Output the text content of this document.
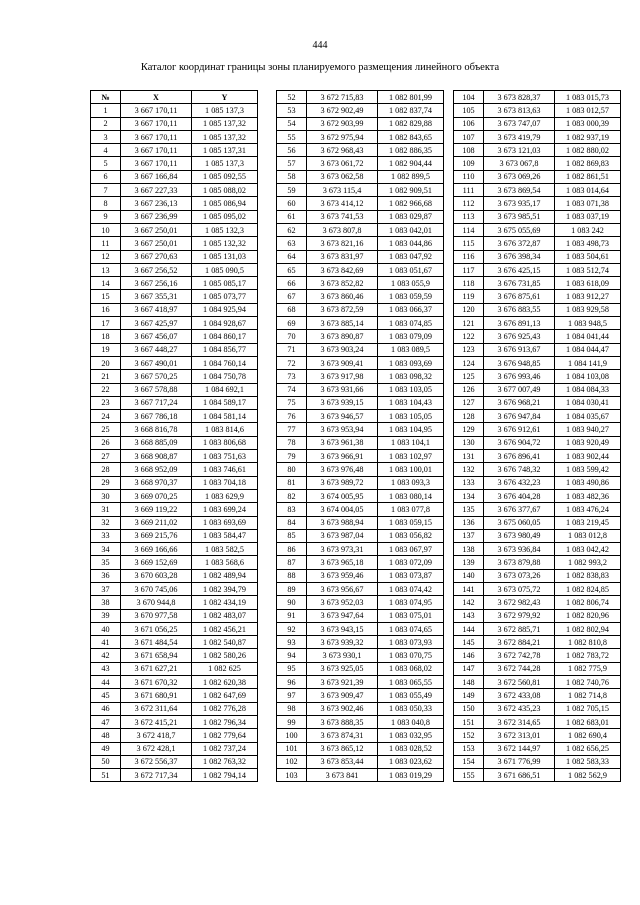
444
Каталог координат границы зоны планируемого размещения линейного объекта
№	X	Y
1	3 667 170,11	1 085 137,3
2	3 667 170,11	1 085 137,32
3	3 667 170,11	1 085 137,32
4	3 667 170,11	1 085 137,31
5	3 667 170,11	1 085 137,3
6	3 667 166,84	1 085 092,55
7	3 667 227,33	1 085 088,02
8	3 667 236,13	1 085 086,94
9	3 667 236,99	1 085 095,02
10	3 667 250,01	1 085 132,3
11	3 667 250,01	1 085 132,32
12	3 667 270,63	1 085 131,03
13	3 667 256,52	1 085 090,5
14	3 667 256,16	1 085 085,17
15	3 667 355,31	1 085 073,77
16	3 667 418,97	1 084 925,94
17	3 667 425,97	1 084 928,67
18	3 667 456,07	1 084 860,17
19	3 667 448,27	1 084 856,77
20	3 667 490,01	1 084 760,14
21	3 667 570,25	1 084 750,78
22	3 667 578,88	1 084 692,1
23	3 667 717,24	1 084 589,17
24	3 667 786,18	1 084 581,14
25	3 668 816,78	1 083 814,6
26	3 668 885,09	1 083 806,68
27	3 668 908,87	1 083 751,63
28	3 668 952,09	1 083 746,61
29	3 668 970,37	1 083 704,18
30	3 669 070,25	1 083 629,9
31	3 669 119,22	1 083 699,24
32	3 669 211,02	1 083 693,69
33	3 669 215,76	1 083 584,47
34	3 669 166,66	1 083 582,5
35	3 669 152,69	1 083 568,6
36	3 670 603,28	1 082 489,94
37	3 670 745,06	1 082 394,79
38	3 670 944,8	1 082 434,19
39	3 670 977,58	1 082 483,07
40	3 671 056,25	1 082 456,21
41	3 671 484,54	1 082 540,87
42	3 671 658,94	1 082 580,26
43	3 671 627,21	1 082 625
44	3 671 670,32	1 082 620,38
45	3 671 680,91	1 082 647,69
46	3 672 311,64	1 082 776,28
47	3 672 415,21	1 082 796,34
48	3 672 418,7	1 082 779,64
49	3 672 428,1	1 082 737,24
50	3 672 556,37	1 082 763,32
51	3 672 717,34	1 082 794,14
52	3 672 715,83	1 082 801,99
53	3 672 902,49	1 082 837,74
54	3 672 903,99	1 082 829,88
55	3 672 975,94	1 082 843,65
56	3 672 968,43	1 082 886,35
57	3 673 061,72	1 082 904,44
58	3 673 062,58	1 082 899,5
59	3 673 115,4	1 082 909,51
60	3 673 414,12	1 082 966,68
61	3 673 741,53	1 083 029,87
62	3 673 807,8	1 083 042,01
63	3 673 821,16	1 083 044,86
64	3 673 831,97	1 083 047,92
65	3 673 842,69	1 083 051,67
66	3 673 852,82	1 083 055,9
67	3 673 860,46	1 083 059,59
68	3 673 872,59	1 083 066,37
69	3 673 885,14	1 083 074,85
70	3 673 890,87	1 083 079,09
71	3 673 903,24	1 083 089,5
72	3 673 909,41	1 083 093,69
73	3 673 917,98	1 083 098,32
74	3 673 931,66	1 083 103,05
75	3 673 939,15	1 083 104,43
76	3 673 946,57	1 083 105,05
77	3 673 953,94	1 083 104,95
78	3 673 961,38	1 083 104,1
79	3 673 966,91	1 083 102,97
80	3 673 976,48	1 083 100,01
81	3 673 989,72	1 083 093,3
82	3 674 005,95	1 083 080,14
83	3 674 004,05	1 083 077,8
84	3 673 988,94	1 083 059,15
85	3 673 987,04	1 083 056,82
86	3 673 973,31	1 083 067,97
87	3 673 965,18	1 083 072,09
88	3 673 959,46	1 083 073,87
89	3 673 956,67	1 083 074,42
90	3 673 952,03	1 083 074,95
91	3 673 947,64	1 083 075,01
92	3 673 943,15	1 083 074,65
93	3 673 939,32	1 083 073,93
94	3 673 930,1	1 083 070,75
95	3 673 925,05	1 083 068,02
96	3 673 921,39	1 083 065,55
97	3 673 909,47	1 083 055,49
98	3 673 902,46	1 083 050,33
99	3 673 888,35	1 083 040,8
100	3 673 874,31	1 083 032,95
101	3 673 865,12	1 083 028,52
102	3 673 853,44	1 083 023,62
103	3 673 841	1 083 019,29
104	3 673 828,37	1 083 015,73
105	3 673 813,63	1 083 012,57
106	3 673 747,07	1 083 000,39
107	3 673 419,79	1 082 937,19
108	3 673 121,03	1 082 880,02
109	3 673 067,8	1 082 869,83
110	3 673 069,26	1 082 861,51
111	3 673 869,54	1 083 014,64
112	3 673 935,17	1 083 071,38
113	3 673 985,51	1 083 037,19
114	3 675 055,69	1 083 242
115	3 676 372,87	1 083 498,73
116	3 676 398,34	1 083 504,61
117	3 676 425,15	1 083 512,74
118	3 676 731,85	1 083 618,09
119	3 676 875,61	1 083 912,27
120	3 676 883,55	1 083 929,58
121	3 676 891,13	1 083 948,5
122	3 676 925,43	1 084 041,44
123	3 676 913,67	1 084 044,47
124	3 676 948,85	1 084 141,9
125	3 676 993,46	1 084 103,08
126	3 677 007,49	1 084 084,33
127	3 676 968,21	1 084 030,41
128	3 676 947,84	1 084 035,67
129	3 676 912,61	1 083 940,27
130	3 676 904,72	1 083 920,49
131	3 676 896,41	1 083 902,44
132	3 676 748,32	1 083 599,42
133	3 676 432,23	1 083 490,86
134	3 676 404,28	1 083 482,36
135	3 676 377,67	1 083 476,24
136	3 675 060,05	1 083 219,45
137	3 673 980,49	1 083 012,8
138	3 673 936,84	1 083 042,42
139	3 673 879,88	1 082 993,2
140	3 673 073,26	1 082 838,83
141	3 673 075,72	1 082 824,85
142	3 672 982,43	1 082 806,74
143	3 672 979,92	1 082 820,96
144	3 672 885,71	1 082 802,94
145	3 672 884,21	1 082 810,8
146	3 672 742,78	1 082 783,72
147	3 672 744,28	1 082 775,9
148	3 672 560,81	1 082 740,76
149	3 672 433,08	1 082 714,8
150	3 672 435,23	1 082 705,15
151	3 672 314,65	1 082 683,01
152	3 672 313,01	1 082 690,4
153	3 672 144,97	1 082 656,25
154	3 671 776,99	1 082 583,33
155	3 671 686,51	1 082 562,9
